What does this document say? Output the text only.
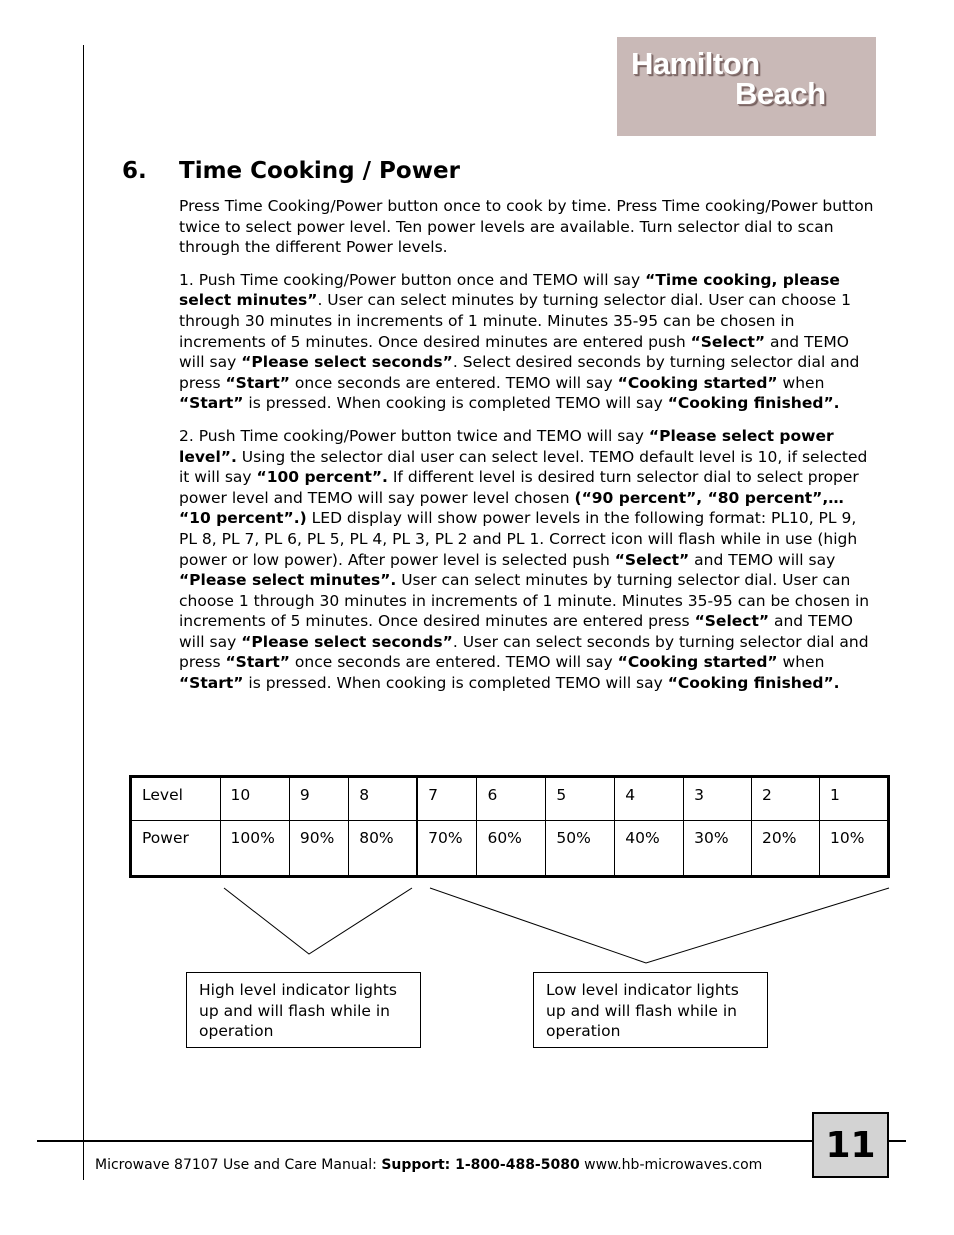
Hamilton
Beach
6. Time Cooking / Power

Press Time Cooking/Power button once to cook by time. Press Time cooking/Power button twice to select power level. Ten power levels are available. Turn selector dial to scan through the different Power levels.

1. Push Time cooking/Power button once and TEMO will say “Time cooking, please select minutes”. User can select minutes by turning selector dial. User can choose 1 through 30 minutes in increments of 1 minute. Minutes 35-95 can be chosen in increments of 5 minutes. Once desired minutes are entered push “Select” and TEMO will say “Please select seconds”. Select desired seconds by turning selector dial and press “Start” once seconds are entered. TEMO will say “Cooking started” when “Start” is pressed. When cooking is completed TEMO will say “Cooking finished”.

2. Push Time cooking/Power button twice and TEMO will say “Please select power level”. Using the selector dial user can select level. TEMO default level is 10, if selected it will say “100 percent”. If different level is desired turn selector dial to select proper power level and TEMO will say power level chosen (“90 percent”, “80 percent”,… “10 percent”.) LED display will show power levels in the following format: PL10, PL 9, PL 8, PL 7, PL 6, PL 5, PL 4, PL 3, PL 2 and PL 1. Correct icon will flash while in use (high power or low power). After power level is selected push “Select” and TEMO will say “Please select minutes”. User can select minutes by turning selector dial. User can choose 1 through 30 minutes in increments of 1 minute. Minutes 35-95 can be chosen in increments of 5 minutes. Once desired minutes are entered press “Select” and TEMO will say “Please select seconds”. User can select seconds by turning selector dial and press “Start” once seconds are entered. TEMO will say “Cooking started” when “Start” is pressed. When cooking is completed TEMO will say “Cooking finished”.

Level	10	9	8	7	6	5	4	3	2	1
Power	100%	90%	80%	70%	60%	50%	40%	30%	20%	10%
High level indicator lights up and will flash while in operation
Low level indicator lights up and will flash while in operation
Microwave 87107 Use and Care Manual: Support: 1-800-488-5080 www.hb-microwaves.com	11
